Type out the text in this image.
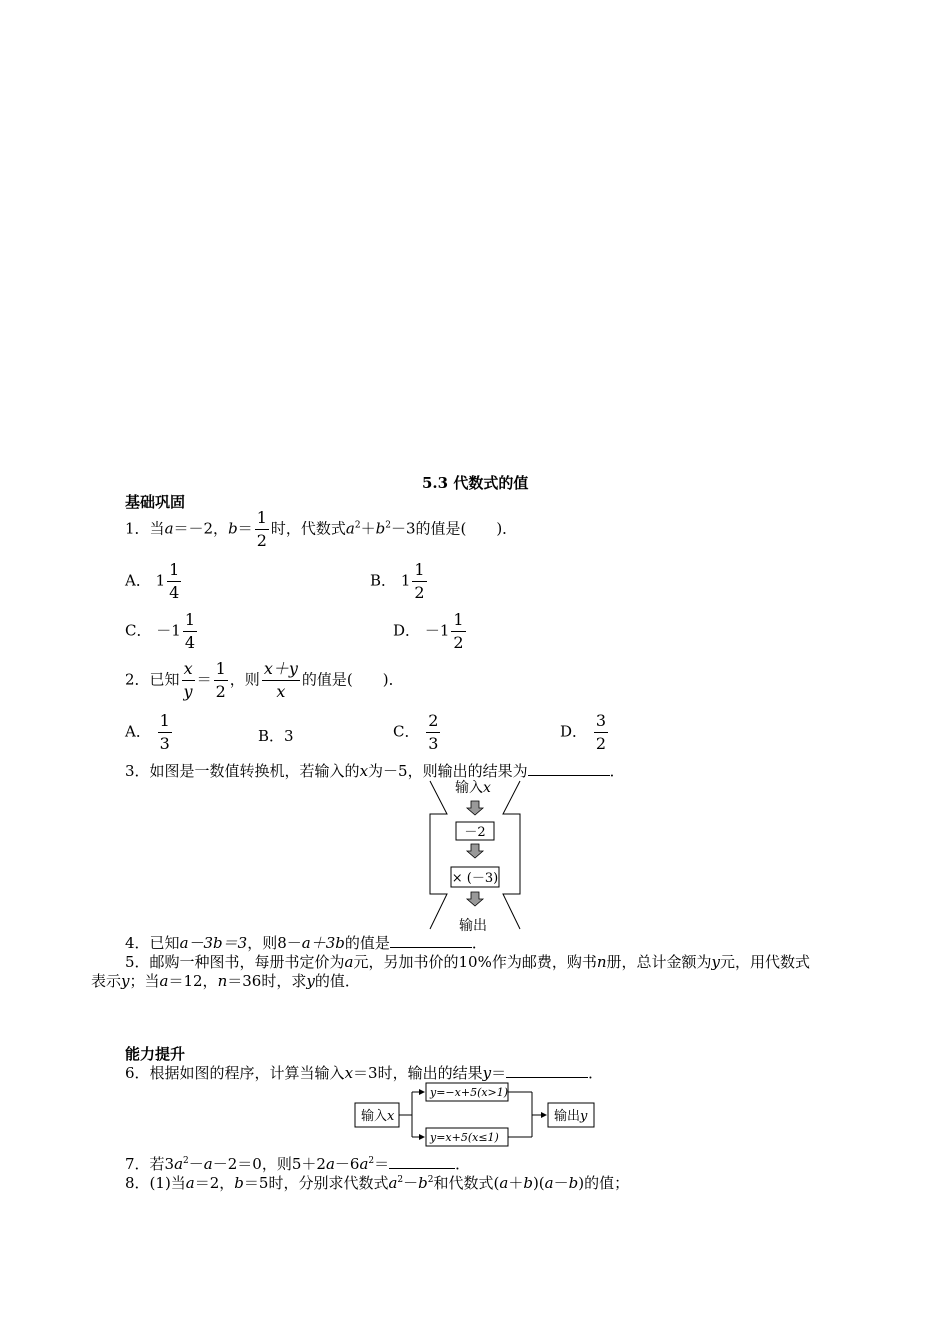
5.3 代数式的值
基础巩固
1．当a＝－2，$b= \frac{1}{2}$ 时，代数式$a^2+b^2-3$的值是(　　)．
A． $1 \frac{1}{4}$	B． $1 \frac{1}{2}$
C． $-1 \frac{1}{4}$	D． $-1 \frac{1}{2}$
2．已知 $\frac{x}{y} = \frac{1}{2}$ ，则 $\frac{x+y}{x}$ 的值是(　　)．
A． $\frac{1}{3}$	B．3	C． $\frac{2}{3}$	D． $\frac{3}{2}$
3．如图是一数值转换机，若输入的x为－5，则输出的结果为	．
输入x
－2
× (－3)
输出
4．已知a－3b＝3，则8－a＋3b的值是	．
5．邮购一种图书，每册书定价为a元，另加书价的10%作为邮费，购书n册，总计金额为y元，用代数式
表示y；当a＝12，n＝36时，求y的值．
能力提升
6．根据如图的程序，计算当输入x＝3时，输出的结果y＝	．
输入x
y=−x+5(x>1)
y=x+5(x≤1)
输出y
7．若$3a^2-a-2=0$，则$5+2a-6a^2=$	．
8．(1)当a＝2，b＝5时，分别求代数式$a^2-b^2$和代数式(a＋b)(a－b)的值；
